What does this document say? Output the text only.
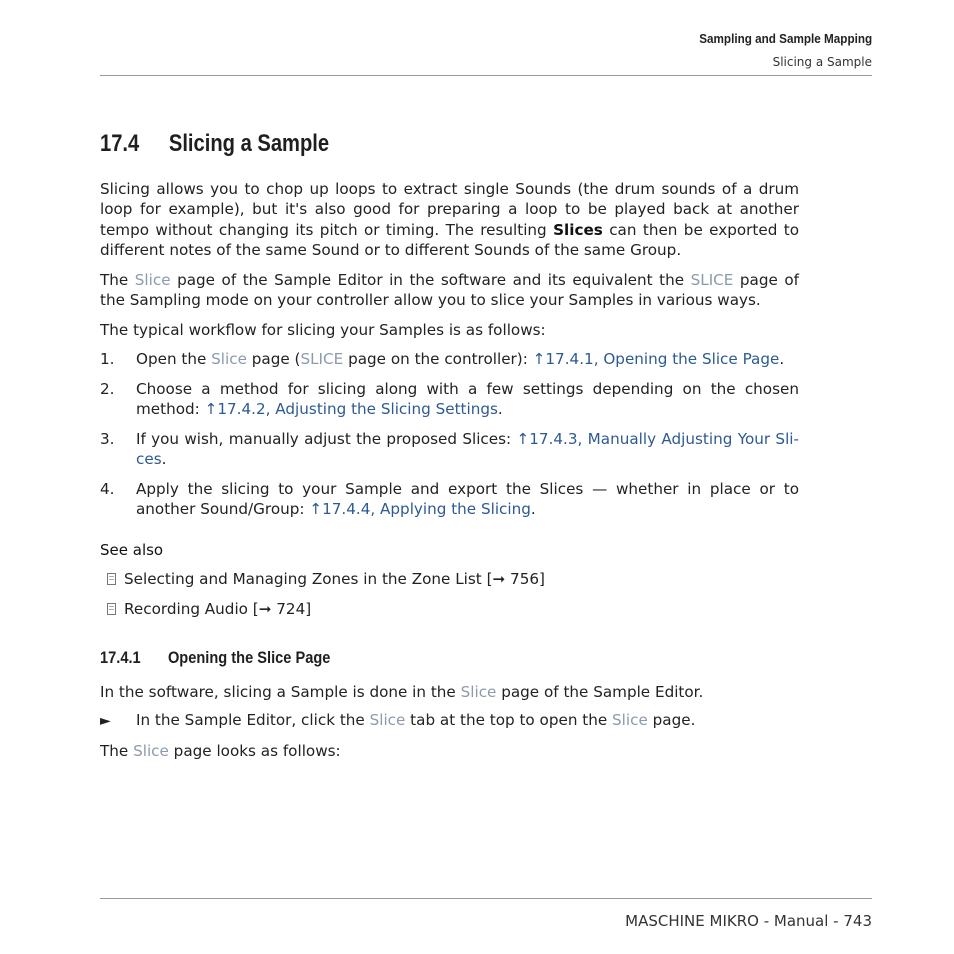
Sampling and Sample Mapping
Slicing a Sample
17.4 Slicing a Sample
Slicing allows you to chop up loops to extract single Sounds (the drum sounds of a drum loop for example), but it's also good for preparing a loop to be played back at another tempo without changing its pitch or timing. The resulting Slices can then be exported to different notes of the same Sound or to different Sounds of the same Group.
The Slice page of the Sample Editor in the software and its equivalent the SLICE page of the Sampling mode on your controller allow you to slice your Samples in various ways.
The typical workflow for slicing your Samples is as follows:
1. Open the Slice page (SLICE page on the controller): ↑17.4.1, Opening the Slice Page.
2. Choose a method for slicing along with a few settings depending on the chosen method: ↑17.4.2, Adjusting the Slicing Settings.
3. If you wish, manually adjust the proposed Slices: ↑17.4.3, Manually Adjusting Your Sli-ces.
4. Apply the slicing to your Sample and export the Slices — whether in place or to another Sound/Group: ↑17.4.4, Applying the Slicing.
See also
Selecting and Managing Zones in the Zone List [➞ 756]
Recording Audio [➞ 724]
17.4.1 Opening the Slice Page
In the software, slicing a Sample is done in the Slice page of the Sample Editor.
► In the Sample Editor, click the Slice tab at the top to open the Slice page.
The Slice page looks as follows:
MASCHINE MIKRO - Manual - 743
